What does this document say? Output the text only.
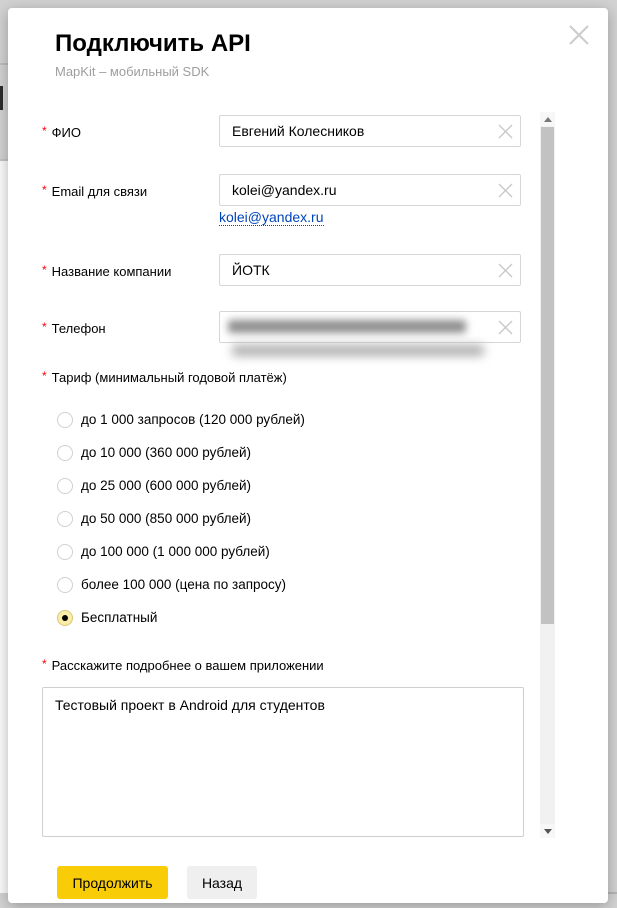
Подключить API
MapKit – мобильный SDK
* ФИО
Евгений Колесников
* Email для связи
kolei@yandex.ru
kolei@yandex.ru
* Название компании
ЙОТК
* Телефон
* Тариф (минимальный годовой платёж)
до 1 000 запросов (120 000 рублей)
до 10 000 (360 000 рублей)
до 25 000 (600 000 рублей)
до 50 000 (850 000 рублей)
до 100 000 (1 000 000 рублей)
более 100 000 (цена по запросу)
Бесплатный
* Расскажите подробнее о вашем приложении
Тестовый проект в Android для студентов
Продолжить	Назад
